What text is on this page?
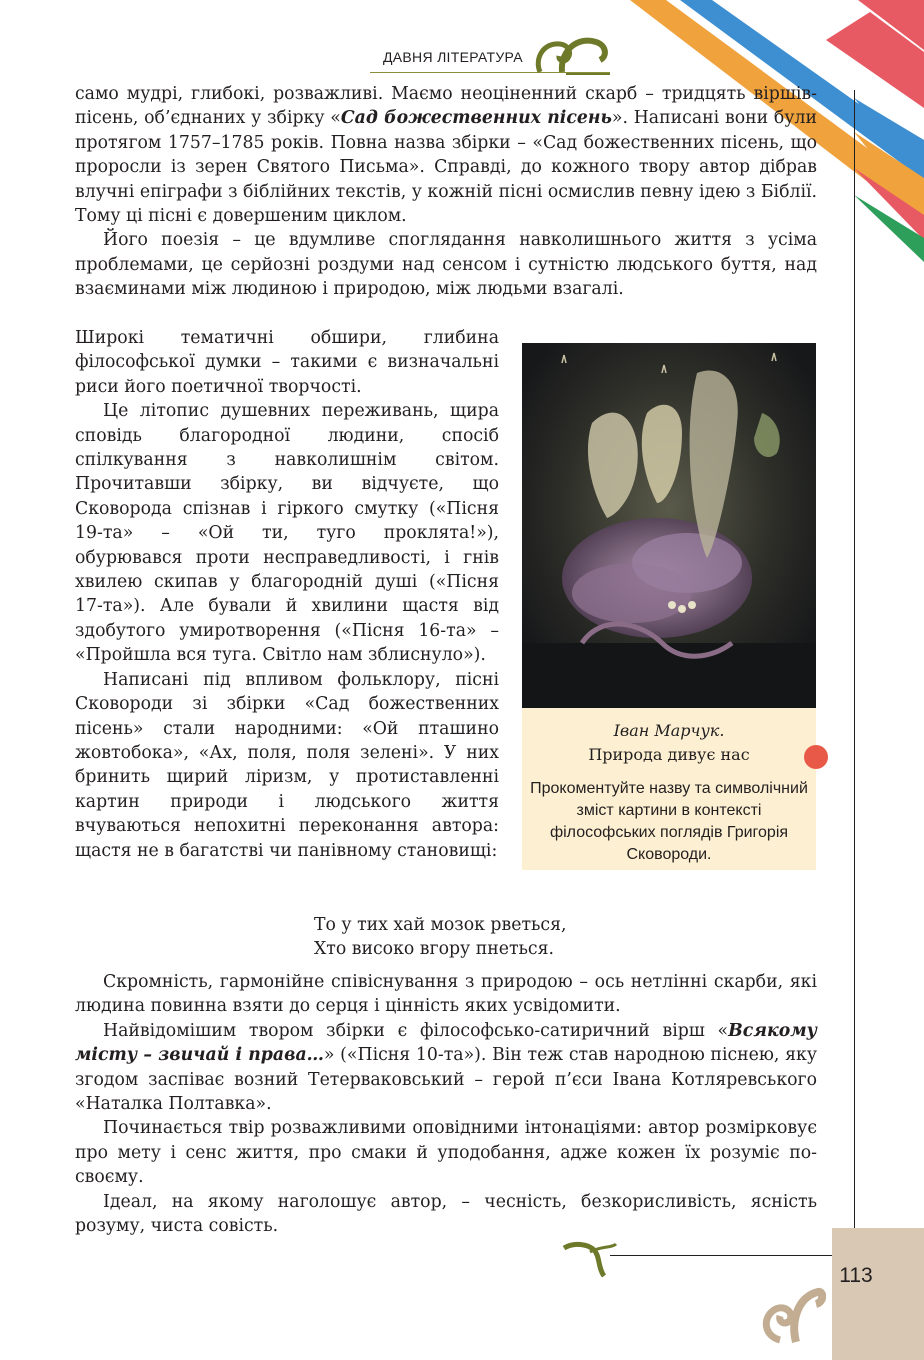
ДАВНЯ ЛІТЕРАТУРА

само мудрі, глибокі, розважливі. Маємо неоціненний скарб – тридцять віршів-пісень, об’єднаних у збірку «Сад божественних пісень». Написані вони були протягом 1757–1785 років. Повна назва збірки – «Сад божественних пісень, що проросли із зерен Святого Письма». Справді, до кожного твору автор дібрав влучні епіграфи з біблійних текстів, у кожній пісні осмислив певну ідею з Біблії. Тому ці пісні є довершеним циклом.

Його поезія – це вдумливе споглядання навколишнього життя з усіма проблемами, це серйозні роздуми над сенсом і сутністю людського буття, над взаєминами між людиною і природою, між людьми взагалі.

Широкі тематичні обшири, глибина філософської думки – такими є визначальні риси його поетичної творчості.

Це літопис душевних переживань, щира сповідь благородної людини, спосіб спілкування з навколишнім світом. Прочитавши збірку, ви відчуєте, що Сковорода спізнав і гіркого смутку («Пісня 19-та» – «Ой ти, туго проклята!»), обурювався проти несправедливості, і гнів хвилею скипав у благородній душі («Пісня 17-та»). Але бували й хвилини щастя від здобутого умиротворення («Пісня 16-та» – «Пройшла вся туга. Світло нам зблиснуло»).

Написані під впливом фольклору, пісні Сковороди зі збірки «Сад божественних пісень» стали народними: «Ой пташино жовтобока», «Ах, поля, поля зелені». У них бринить щирий ліризм, у протиставленні картин природи і людського життя вчуваються непохитні переконання автора: щастя не в багатстві чи панівному становищі:

Іван Марчук.
Природа дивує нас
Прокоментуйте назву та символічний зміст картини в контексті філософських поглядів Григорія Сковороди.
То у тих хай мозок рветься,
Хто високо вгору пнеться.

Скромність, гармонійне співіснування з природою – ось нетлінні скарби, які людина повинна взяти до серця і цінність яких усвідомити.

Найвідомішим твором збірки є філософсько-сатиричний вірш «Всякому місту – звичай і права…» («Пісня 10-та»). Він теж став народною піснею, яку згодом заспіває возний Тетерваковський – герой п’єси Івана Котляревського «Наталка Полтавка».

Починається твір розважливими оповідними інтонаціями: автор розмірковує про мету і сенс життя, про смаки й уподобання, адже кожен їх розуміє по-своєму.

Ідеал, на якому наголошує автор, – чесність, безкорисливість, ясність розуму, чиста совість.

113
